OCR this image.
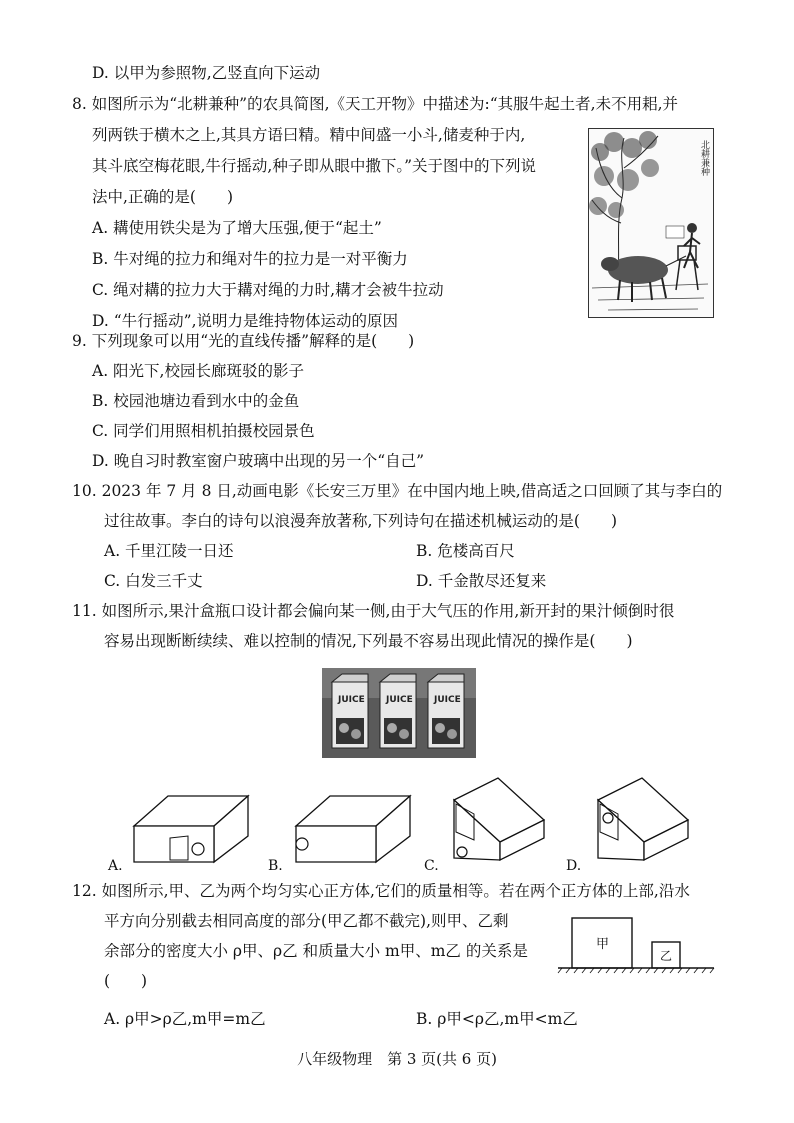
D. 以甲为参照物,乙竖直向下运动
8. 如图所示为“北耕兼种”的农具简图,《天工开物》中描述为:“其服牛起土者,未不用耜,并
列两铁于横木之上,其具方语曰精。精中间盛一小斗,储麦种于内,
其斗底空梅花眼,牛行摇动,种子即从眼中撒下。”关于图中的下列说
法中,正确的是(　　)
A. 耩使用铁尖是为了增大压强,便于“起土”
B. 牛对绳的拉力和绳对牛的拉力是一对平衡力
C. 绳对耩的拉力大于耩对绳的力时,耩才会被牛拉动
D. “牛行摇动”,说明力是维持物体运动的原因
北耕兼种
9. 下列现象可以用“光的直线传播”解释的是(　　)
A. 阳光下,校园长廊斑驳的影子
B. 校园池塘边看到水中的金鱼
C. 同学们用照相机拍摄校园景色
D. 晚自习时教室窗户玻璃中出现的另一个“自己”
10. 2023 年 7 月 8 日,动画电影《长安三万里》在中国内地上映,借高适之口回顾了其与李白的
过往故事。李白的诗句以浪漫奔放著称,下列诗句在描述机械运动的是(　　)
A. 千里江陵一日还	B. 危楼高百尺
C. 白发三千丈	D. 千金散尽还复来
11. 如图所示,果汁盒瓶口设计都会偏向某一侧,由于大气压的作用,新开封的果汁倾倒时很
容易出现断断续续、难以控制的情况,下列最不容易出现此情况的操作是(　　)
JUICE JUICE JUICE
A.	B.	C.	D.
12. 如图所示,甲、乙为两个均匀实心正方体,它们的质量相等。若在两个正方体的上部,沿水
平方向分别截去相同高度的部分(甲乙都不截完),则甲、乙剩
余部分的密度大小 ρ甲、ρ乙 和质量大小 m甲、m乙 的关系是
(　　)
A. ρ甲>ρ乙,m甲=m乙	B. ρ甲<ρ乙,m甲<m乙
甲
乙
八年级物理　第 3 页(共 6 页)
